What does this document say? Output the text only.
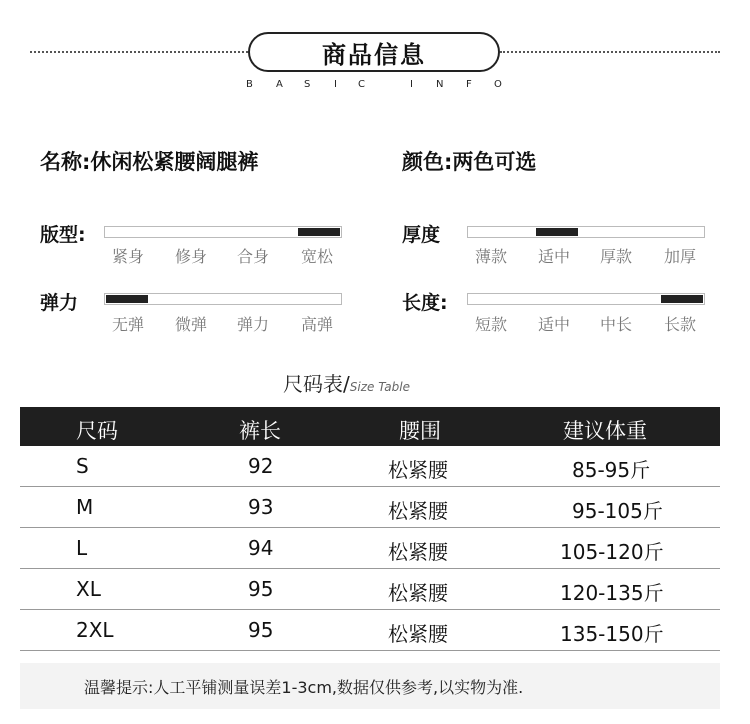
商品信息
B A S I C	I N F O
名称:休闲松紧腰阔腿裤	颜色:两色可选
版型:
紧身 修身 合身 宽松
厚度
薄款 适中 厚款 加厚
弹力
无弹 微弹 弹力 高弹
长度:
短款 适中 中长 长款
尺码表/Size Table
尺码	裤长	腰围	建议体重
S	92	松紧腰	85-95斤
M	93	松紧腰	95-105斤
L	94	松紧腰	105-120斤
XL	95	松紧腰	120-135斤
2XL	95	松紧腰	135-150斤
温馨提示:人工平铺测量误差1-3cm,数据仅供参考,以实物为准.
